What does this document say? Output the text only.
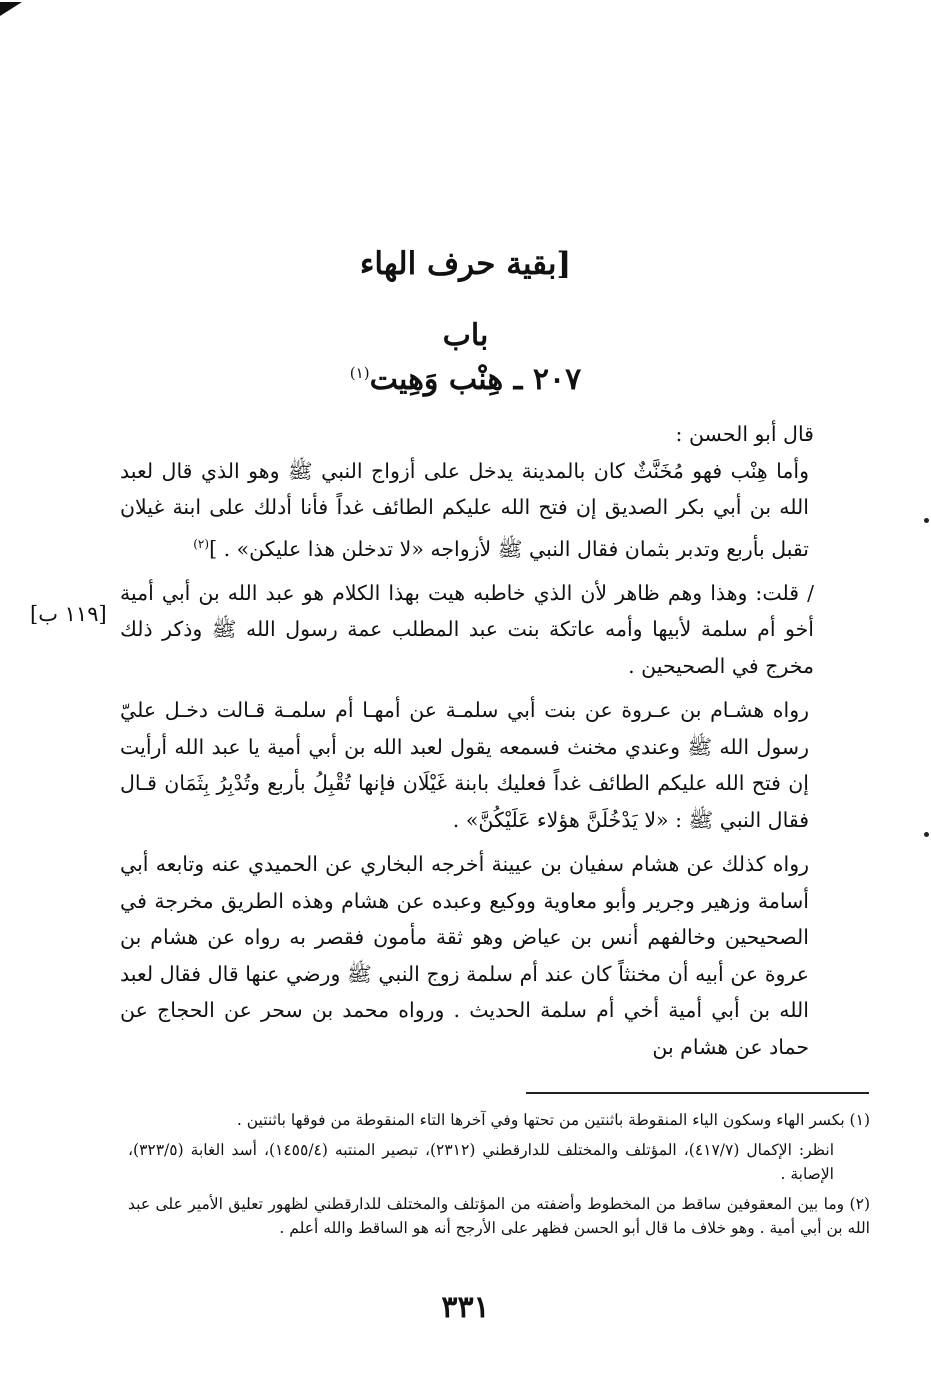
[بقية حرف الهاء
باب
٢٠٧ ـ هِنْب وَهِيت$^{(١)}$
[١١٩ ب]

قال أبو الحسن :

وأما هِنْب فهو مُخَنَّثٌ كان بالمدينة يدخل على أزواج النبي ﷺ وهو الذي قال لعبد الله بن أبي بكر الصديق إن فتح الله عليكم الطائف غداً فأنا أدلك على ابنة غيلان تقبل بأربع وتدبر بثمان فقال النبي ﷺ لأزواجه «لا تدخلن هذا عليكن» . ]$^{(٢)}$

/ قلت: وهذا وهم ظاهر لأن الذي خاطبه هيت بهذا الكلام هو عبد الله بن أبي أمية أخو أم سلمة لأبيها وأمه عاتكة بنت عبد المطلب عمة رسول الله ﷺ وذكر ذلك مخرج في الصحيحين .

رواه هشـام بن عـروة عن بنت أبي سلمـة عن أمهـا أم سلمـة قـالت دخـل عليّ رسول الله ﷺ وعندي مخنث فسمعه يقول لعبد الله بن أبي أمية يا عبد الله أرأيت إن فتح الله عليكم الطائف غداً فعليك بابنة غَيْلَان فإنها تُقْبِلُ بأربع وتُدْبِرُ بِثَمَان قـال فقال النبي ﷺ : «لا يَدْخُلَنَّ هؤلاء عَلَيْكُنَّ» .

رواه كذلك عن هشام سفيان بن عيينة أخرجه البخاري عن الحميدي عنه وتابعه أبي أسامة وزهير وجرير وأبو معاوية ووكيع وعبده عن هشام وهذه الطريق مخرجة في الصحيحين وخالفهم أنس بن عياض وهو ثقة مأمون فقصر به رواه عن هشام بن عروة عن أبيه أن مخنثاً كان عند أم سلمة زوج النبي ﷺ ورضي عنها قال فقال لعبد الله بن أبي أمية أخي أم سلمة الحديث . ورواه محمد بن سحر عن الحجاج عن حماد عن هشام بن

(١) بكسر الهاء وسكون الياء المنقوطة باثنتين من تحتها وفي آخرها التاء المنقوطة من فوقها باثنتين .

انظر: الإكمال (٤١٧/٧)، المؤتلف والمختلف للدارقطني (٢٣١٢)، تبصير المنتبه (١٤٥٥/٤)، أسد الغابة (٣٢٣/٥)، الإصابة .

(٢) وما بين المعقوفين ساقط من المخطوط وأضفته من المؤتلف والمختلف للدارقطني لظهور تعليق الأمير على عبد الله بن أبي أمية . وهو خلاف ما قال أبو الحسن فظهر على الأرجح أنه هو الساقط والله أعلم .

٣٣١
